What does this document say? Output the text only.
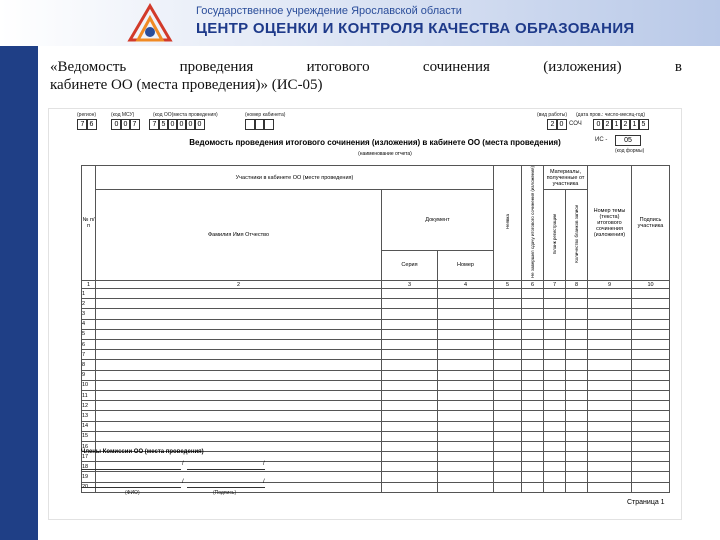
Государственное учреждение Ярославской области
ЦЕНТР ОЦЕНКИ И КОНТРОЛЯ КАЧЕСТВА ОБРАЗОВАНИЯ
«Ведомость проведения итогового сочинения (изложения) в
кабинете ОО (места проведения)» (ИС-05)
(регион)	(код МСУ)	(код ОО(места проведения)	(номер кабинета)	(вид работы) (дата пров.: число-месяц-год)
7 6	0 0 7	7 5 0 0 0 0	2 0 СОЧ	0 2 1 2 1 5
ИС -	05
(код формы)
Ведомость проведения итогового сочинения (изложения) в кабинете ОО (места проведения)
(наименование отчета)
№ п/п	Участники в кабинете ОО (месте проведения)			Неявка	Не завершил сдачу итогового сочинения (изложения)	Материалы, полученные от участника		Номер темы (текста) итогового сочинения (изложения)	Подпись участника
	Фамилия Имя Отчество	Документ				Бланк регистрации	Количество бланков записи		
		Серия	Номер						
1	2	3	4	5	6	7	8	9	10
1									
2									
3									
4									
5									
6									
7									
8									
9									
10									
11									
12									
13									
14									
15									
16									
17									
18									
19									
20									
Члены Комиссии ОО (места проведения)
/	/
/	/
(ФИО)	(Подпись)
Страница 1
